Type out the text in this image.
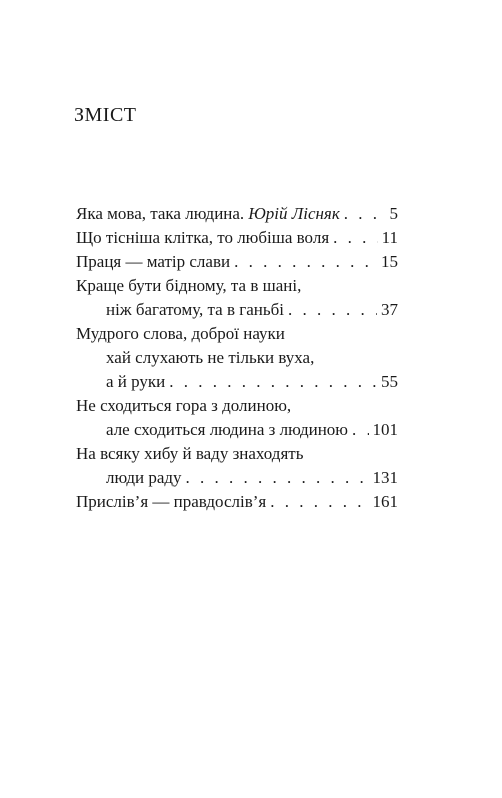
ЗМІСТ
Яка мова, така людина. Юрій Лісняк . . .	5
Що тісніша клітка, то любіша воля . . .	11
Праця — матір слави . . .	15
Краще бути бідному, та в шані,
ніж багатому, та в ганьбі . . .	37
Мудрого слова, доброї науки
хай слухають не тільки вуха,
а й руки . . .	55
Не сходиться гора з долиною,
але сходиться людина з людиною . . . 101
На всяку хибу й ваду знаходять
люди раду . . .	131
Прислів’я — правдослів’я . . .	161
